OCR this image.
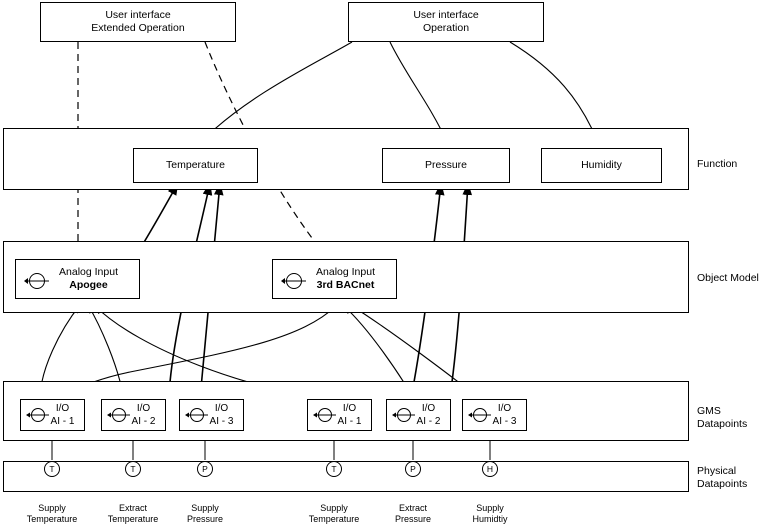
User interface
Extended Operation
User interface
Operation
Function
Temperature	Pressure	Humidity
Object Model
Analog Input
Apogee
Analog Input
3rd BACnet
GMS
Datapoints
I/O
AI - 1
I/O
AI - 2
I/O
AI - 3
I/O
AI - 1
I/O
AI - 2
I/O
AI - 3
Physical
Datapoints
T	T	P	T	P	H
Supply
Temperature
Extract
Temperature
Supply
Pressure
Supply
Temperature
Extract
Pressure
Supply
Humidtiy
